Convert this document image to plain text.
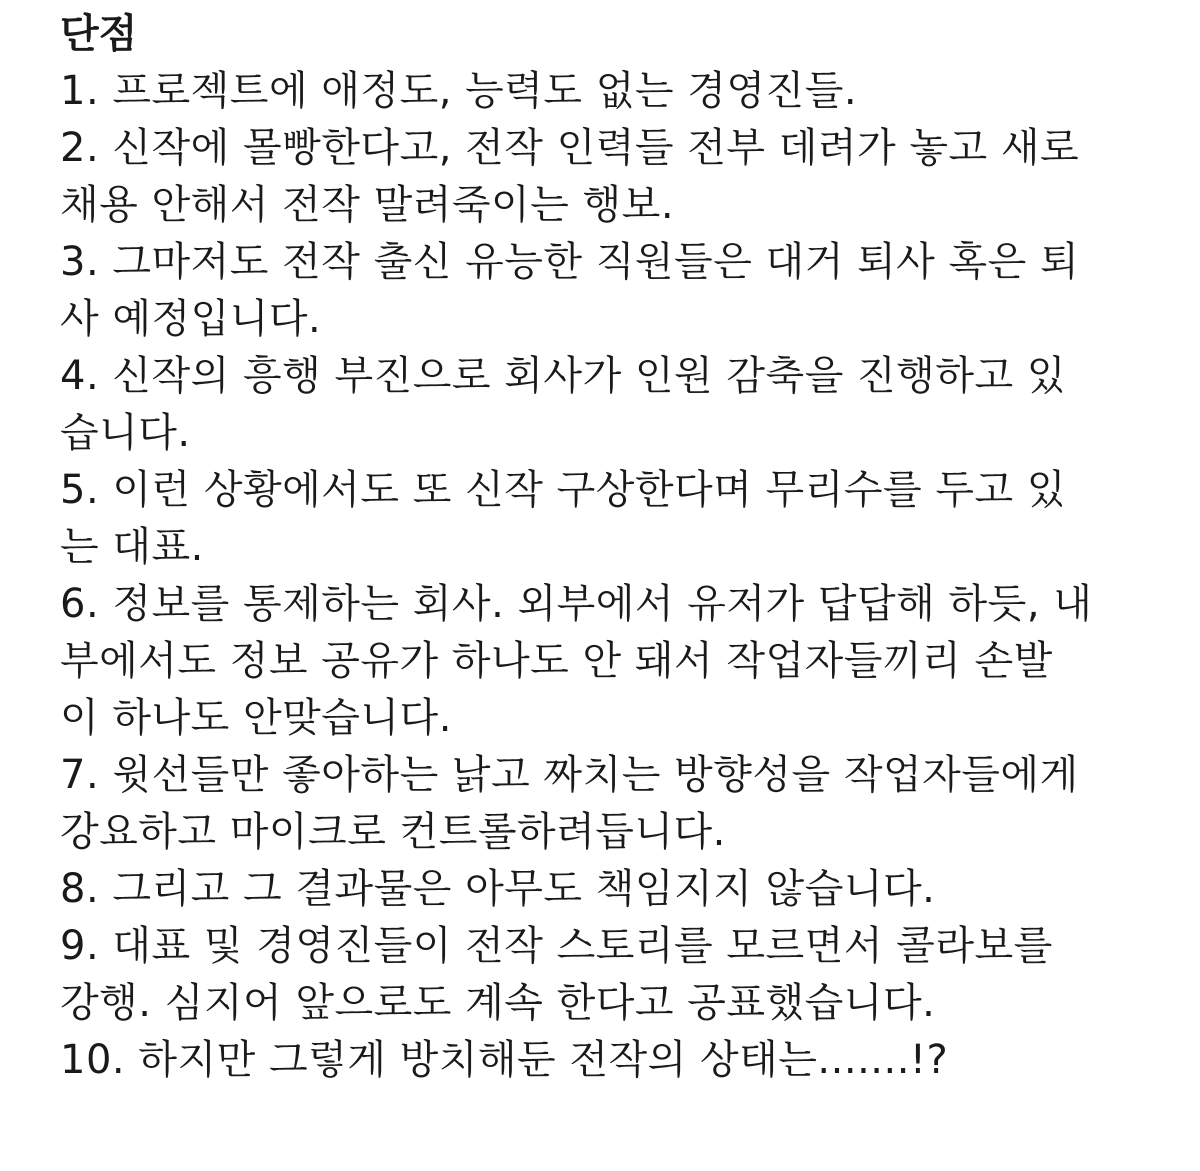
단점
1. 프로젝트에 애정도, 능력도 없는 경영진들.
2. 신작에 몰빵한다고, 전작 인력들 전부 데려가 놓고 새로
채용 안해서 전작 말려죽이는 행보.
3. 그마저도 전작 출신 유능한 직원들은 대거 퇴사 혹은 퇴
사 예정입니다.
4. 신작의 흥행 부진으로 회사가 인원 감축을 진행하고 있
습니다.
5. 이런 상황에서도 또 신작 구상한다며 무리수를 두고 있
는 대표.
6. 정보를 통제하는 회사. 외부에서 유저가 답답해 하듯, 내
부에서도 정보 공유가 하나도 안 돼서 작업자들끼리 손발
이 하나도 안맞습니다.
7. 윗선들만 좋아하는 낡고 짜치는 방향성을 작업자들에게
강요하고 마이크로 컨트롤하려듭니다.
8. 그리고 그 결과물은 아무도 책임지지 않습니다.
9. 대표 및 경영진들이 전작 스토리를 모르면서 콜라보를
강행. 심지어 앞으로도 계속 한다고 공표했습니다.
10. 하지만 그렇게 방치해둔 전작의 상태는.......!?
